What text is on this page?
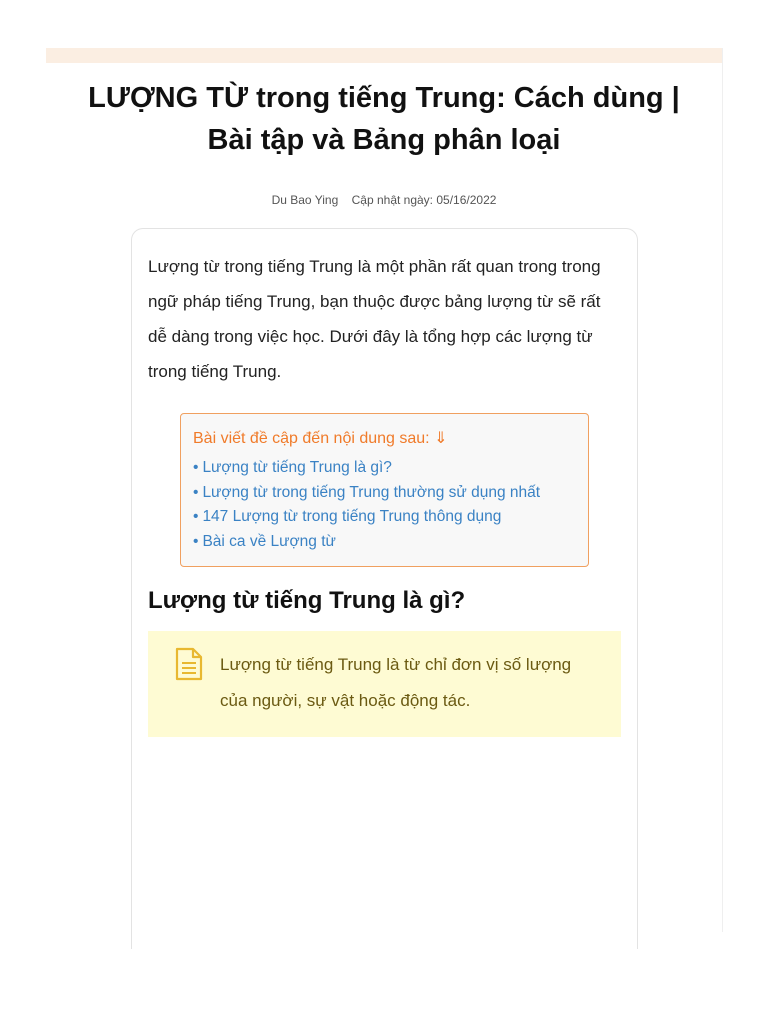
LƯỢNG TỪ trong tiếng Trung: Cách dùng | Bài tập và Bảng phân loại
Du Bao Ying Cập nhật ngày: 05/16/2022

Lượng từ trong tiếng Trung là một phần rất quan trong trong ngữ pháp tiếng Trung, bạn thuộc được bảng lượng từ sẽ rất dễ dàng trong việc học. Dưới đây là tổng hợp các lượng từ trong tiếng Trung.

Bài viết đề cập đến nội dung sau: ⇓
• Lượng từ tiếng Trung là gì?
• Lượng từ trong tiếng Trung thường sử dụng nhất
• 147 Lượng từ trong tiếng Trung thông dụng
• Bài ca về Lượng từ
Lượng từ tiếng Trung là gì?
Lượng từ tiếng Trung là từ chỉ đơn vị số lượng của người, sự vật hoặc động tác.
